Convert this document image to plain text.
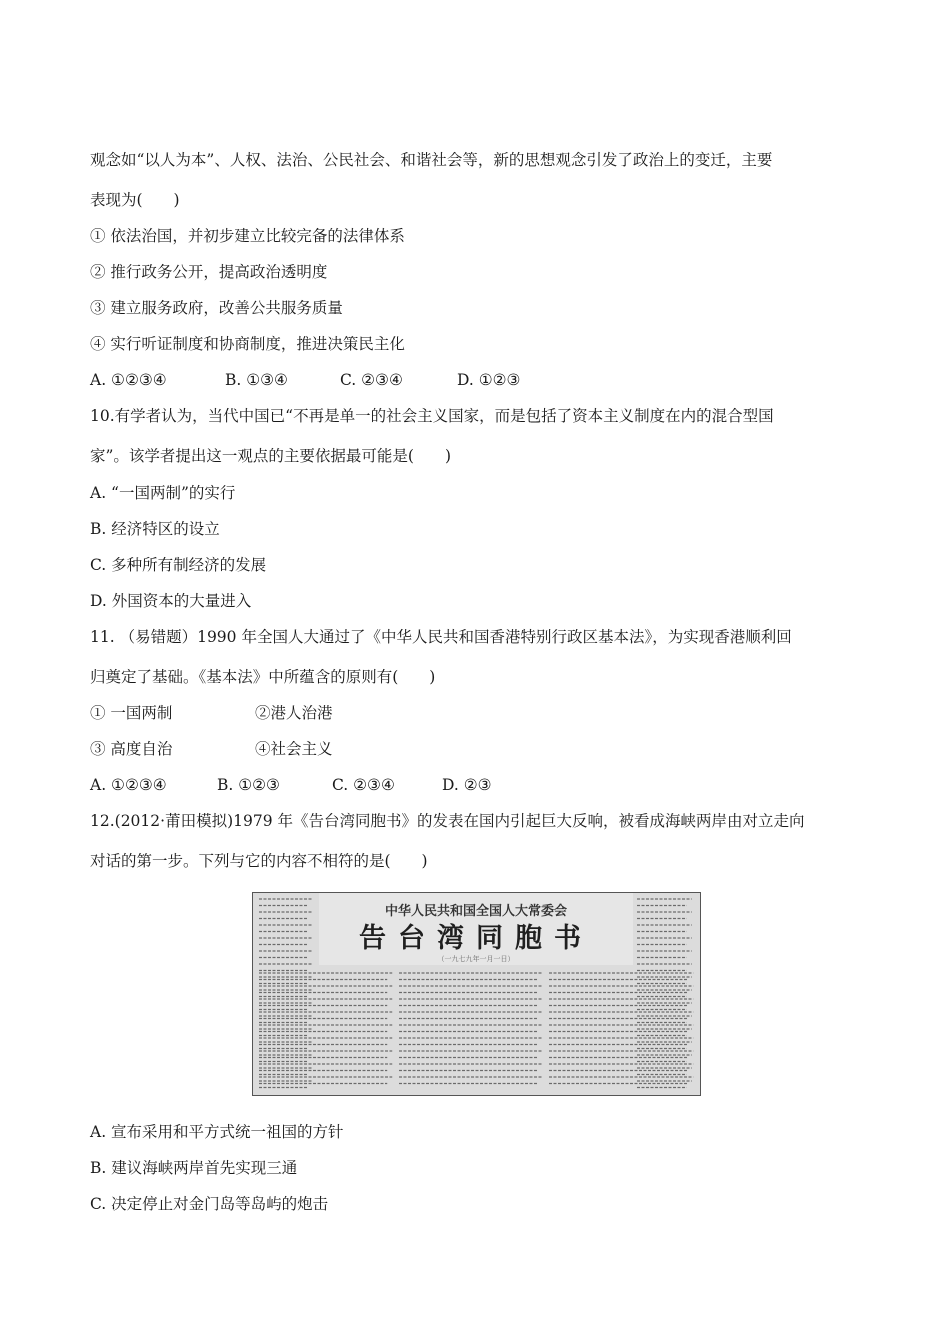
观念如“以人为本”、人权、法治、公民社会、和谐社会等，新的思想观念引发了政治上的变迁，主要
表现为(　　)
① 依法治国，并初步建立比较完备的法律体系
② 推行政务公开，提高政治透明度
③ 建立服务政府，改善公共服务质量
④ 实行听证制度和协商制度，推进决策民主化
A. ①②③④	B. ①③④	C. ②③④	D. ①②③
10.有学者认为，当代中国已“不再是单一的社会主义国家，而是包括了资本主义制度在内的混合型国
家”。该学者提出这一观点的主要依据最可能是(　　)
A. “一国两制”的实行
B. 经济特区的设立
C. 多种所有制经济的发展
D. 外国资本的大量进入
11. （易错题）1990 年全国人大通过了《中华人民共和国香港特别行政区基本法》，为实现香港顺利回
归奠定了基础。《基本法》中所蕴含的原则有(　　)
① 一国两制	②港人治港
③ 高度自治	④社会主义
A. ①②③④	B. ①②③	C. ②③④	D. ②③
12.(2012·莆田模拟)1979 年《告台湾同胞书》的发表在国内引起巨大反响，被看成海峡两岸由对立走向
对话的第一步。下列与它的内容不相符的是(　　)
中华人民共和国全国人大常委会
告台湾同胞书
（一九七九年一月一日）
A. 宣布采用和平方式统一祖国的方针
B. 建议海峡两岸首先实现三通
C. 决定停止对金门岛等岛屿的炮击
